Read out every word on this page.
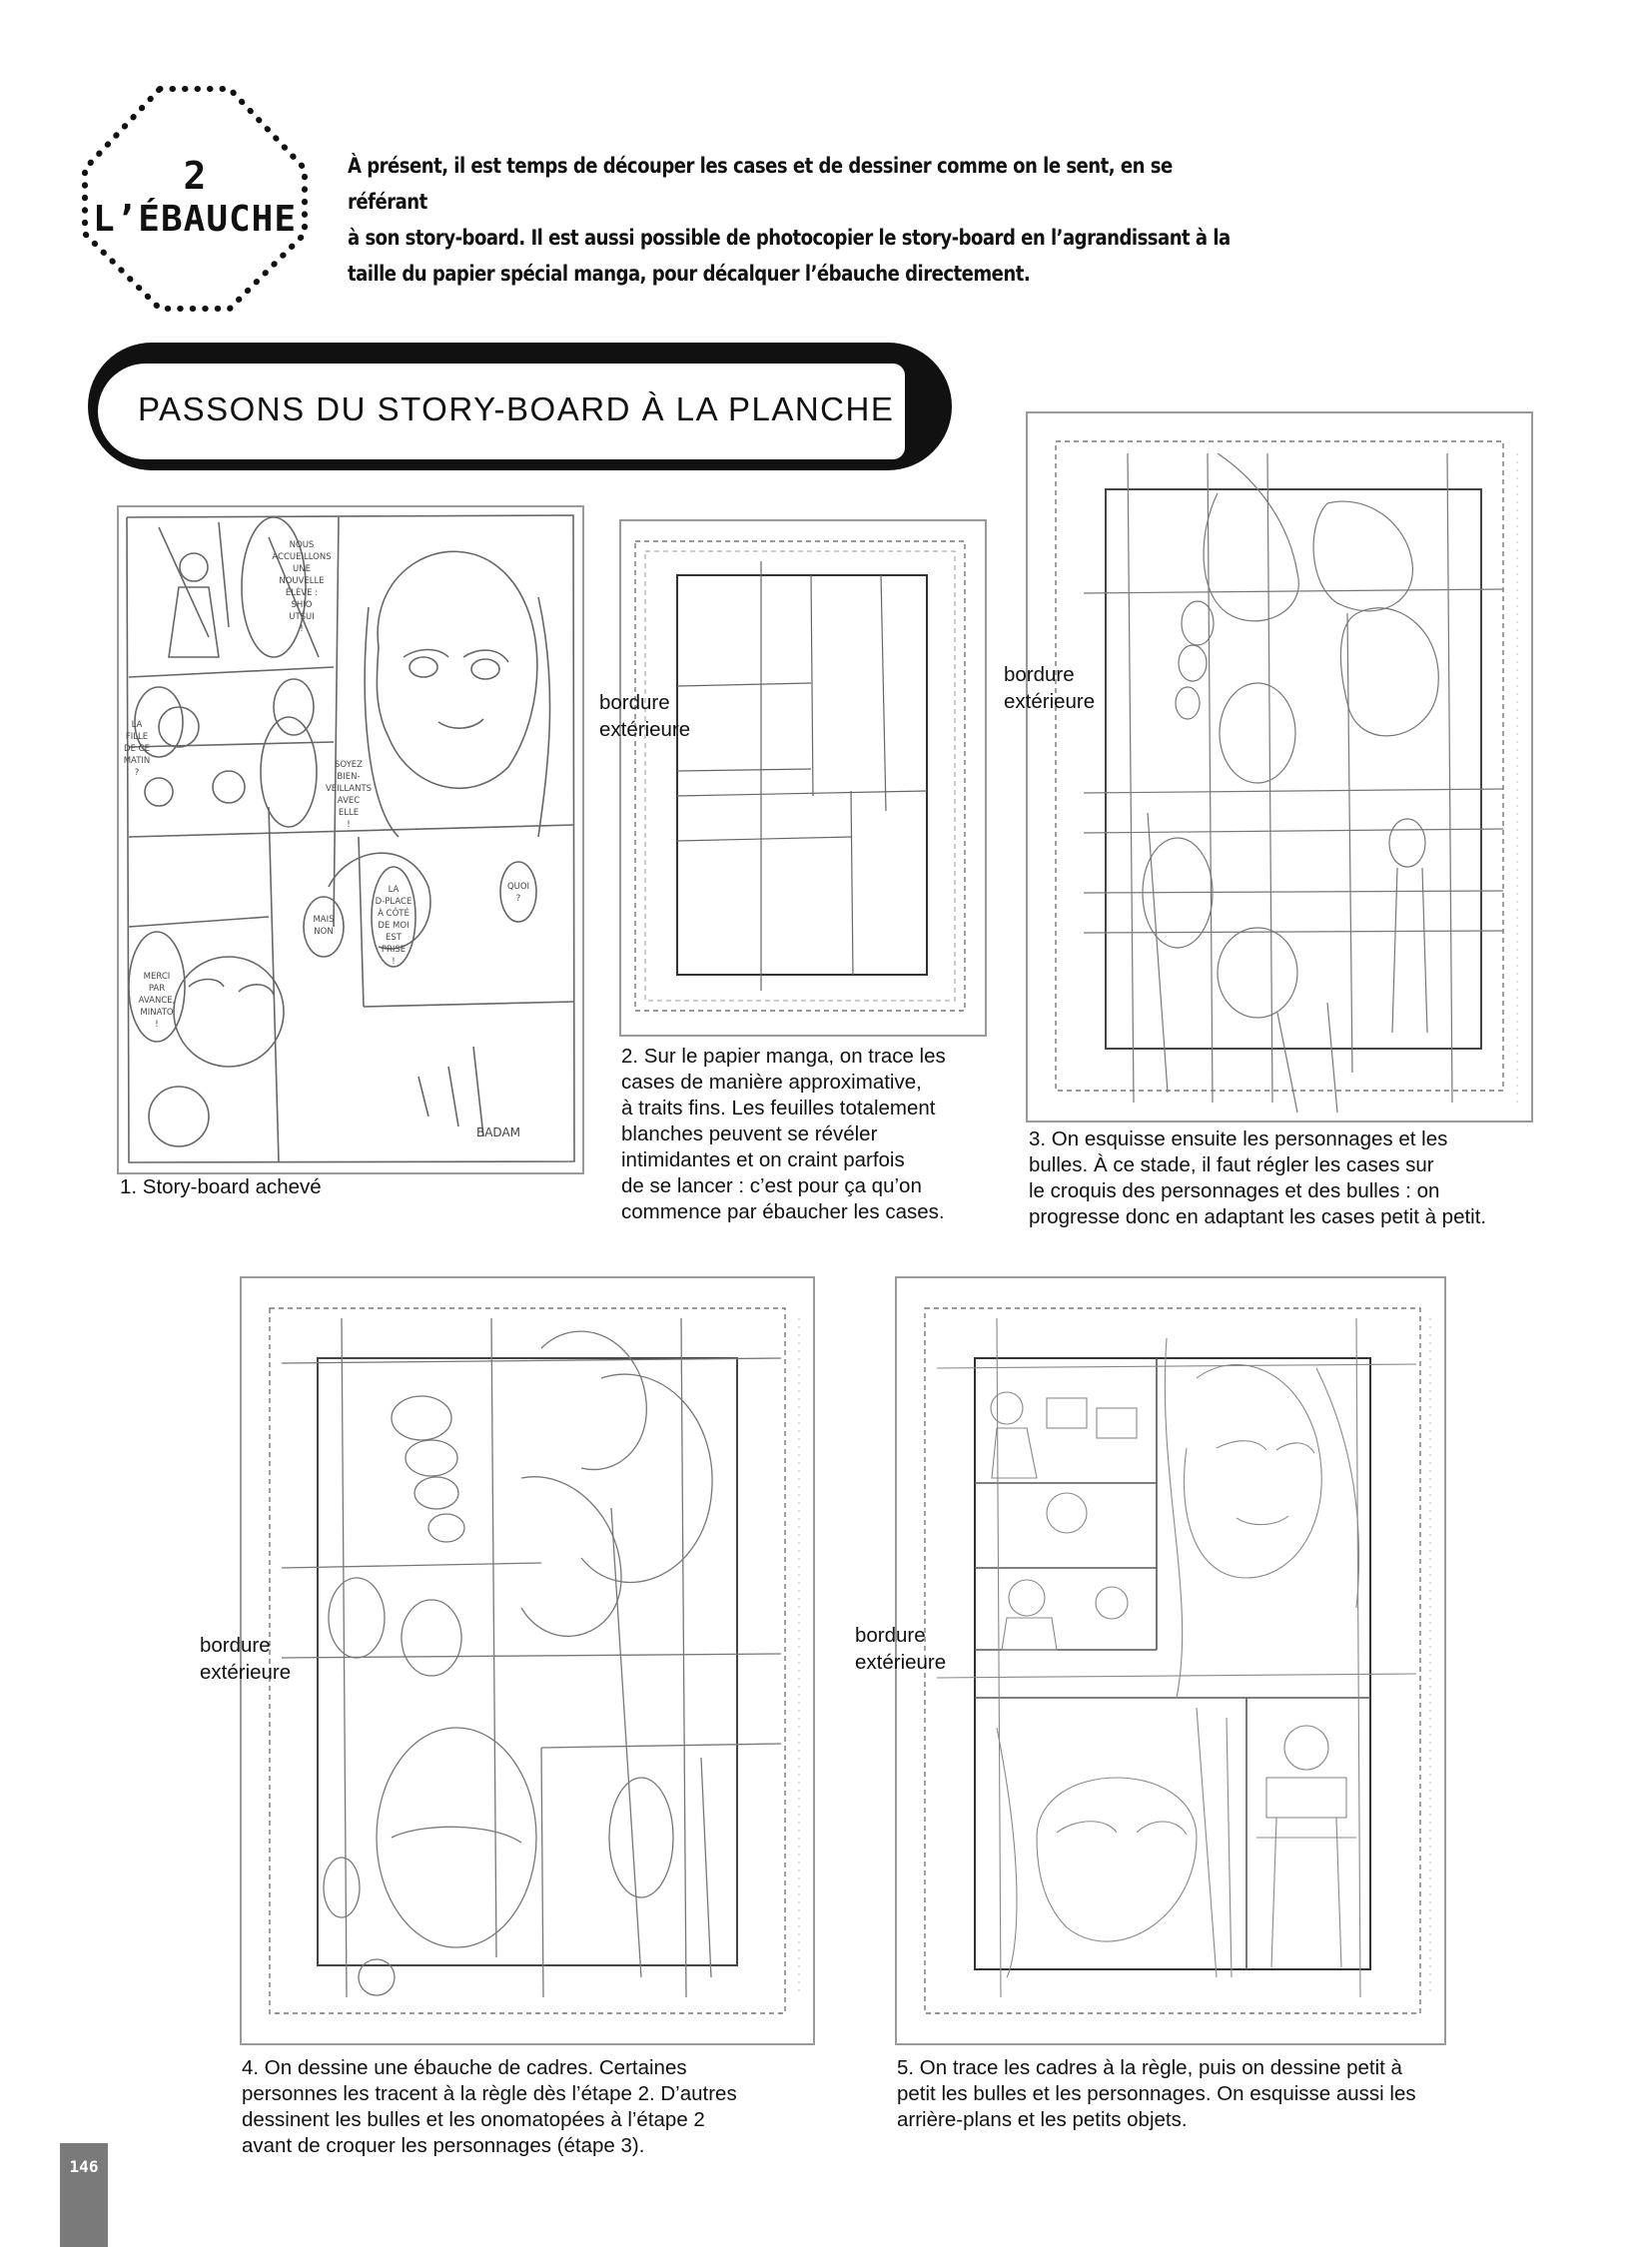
2
L’ÉBAUCHE
À présent, il est temps de découper les cases et de dessiner comme on le sent, en se référant
à son story-board. Il est aussi possible de photocopier le story-board en l’agrandissant à la
taille du papier spécial manga, pour décalquer l’ébauche directement.
PASSONS DU STORY-BOARD À LA PLANCHE
NOUS
ACCUEILLONS
UNE
NOUVELLE
ÉLÈVE :
SHIO
UTSUI
!
LA
FILLE
DE CE
MATIN
?
SOYEZ
BIEN-
VEILLANTS
AVEC
ELLE
!
MERCI
PAR
AVANCE,
MINATO
!
MAIS
NON
LA
D-PLACE
À CÔTÉ
DE MOI
EST
PRISE
!
QUOI
?
BADAM
1. Story-board achevé
bordure
extérieure
2. Sur le papier manga, on trace les
cases de manière approximative,
à traits fins. Les feuilles totalement
blanches peuvent se révéler
intimidantes et on craint parfois
de se lancer : c’est pour ça qu’on
commence par ébaucher les cases.
bordure
extérieure
3. On esquisse ensuite les personnages et les
bulles. À ce stade, il faut régler les cases sur
le croquis des personnages et des bulles : on
progresse donc en adaptant les cases petit à petit.
bordure
extérieure
4. On dessine une ébauche de cadres. Certaines
personnes les tracent à la règle dès l’étape 2. D’autres
dessinent les bulles et les onomatopées à l’étape 2
avant de croquer les personnages (étape 3).
bordure
extérieure
5. On trace les cadres à la règle, puis on dessine petit à
petit les bulles et les personnages. On esquisse aussi les
arrière-plans et les petits objets.
146
